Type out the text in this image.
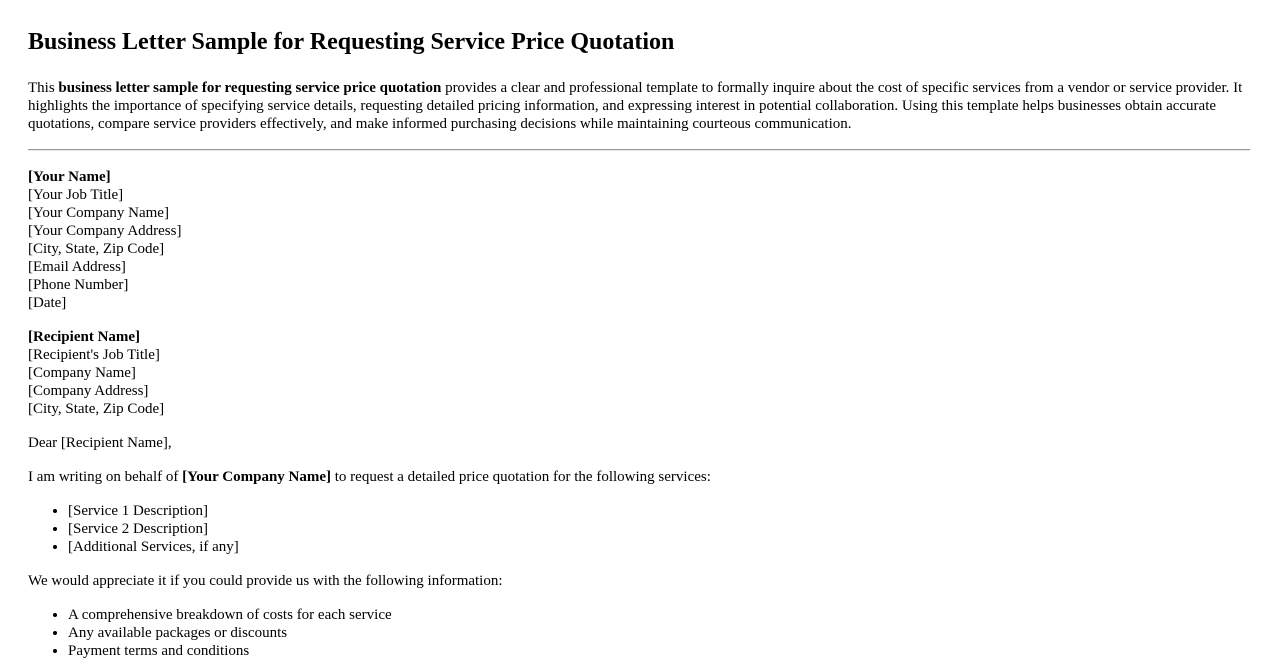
Business Letter Sample for Requesting Service Price Quotation

This business letter sample for requesting service price quotation provides a clear and professional template to formally inquire about the cost of specific services from a vendor or service provider. It highlights the importance of specifying service details, requesting detailed pricing information, and expressing interest in potential collaboration. Using this template helps businesses obtain accurate quotations, compare service providers effectively, and make informed purchasing decisions while maintaining courteous communication.

[Your Name]
[Your Job Title]
[Your Company Name]
[Your Company Address]
[City, State, Zip Code]
[Email Address]
[Phone Number]
[Date]
[Recipient Name]
[Recipient's Job Title]
[Company Name]
[Company Address]
[City, State, Zip Code]

Dear [Recipient Name],

I am writing on behalf of [Your Company Name] to request a detailed price quotation for the following services:

• [Service 1 Description]
• [Service 2 Description]
• [Additional Services, if any]

We would appreciate it if you could provide us with the following information:

• A comprehensive breakdown of costs for each service
• Any available packages or discounts
• Payment terms and conditions
